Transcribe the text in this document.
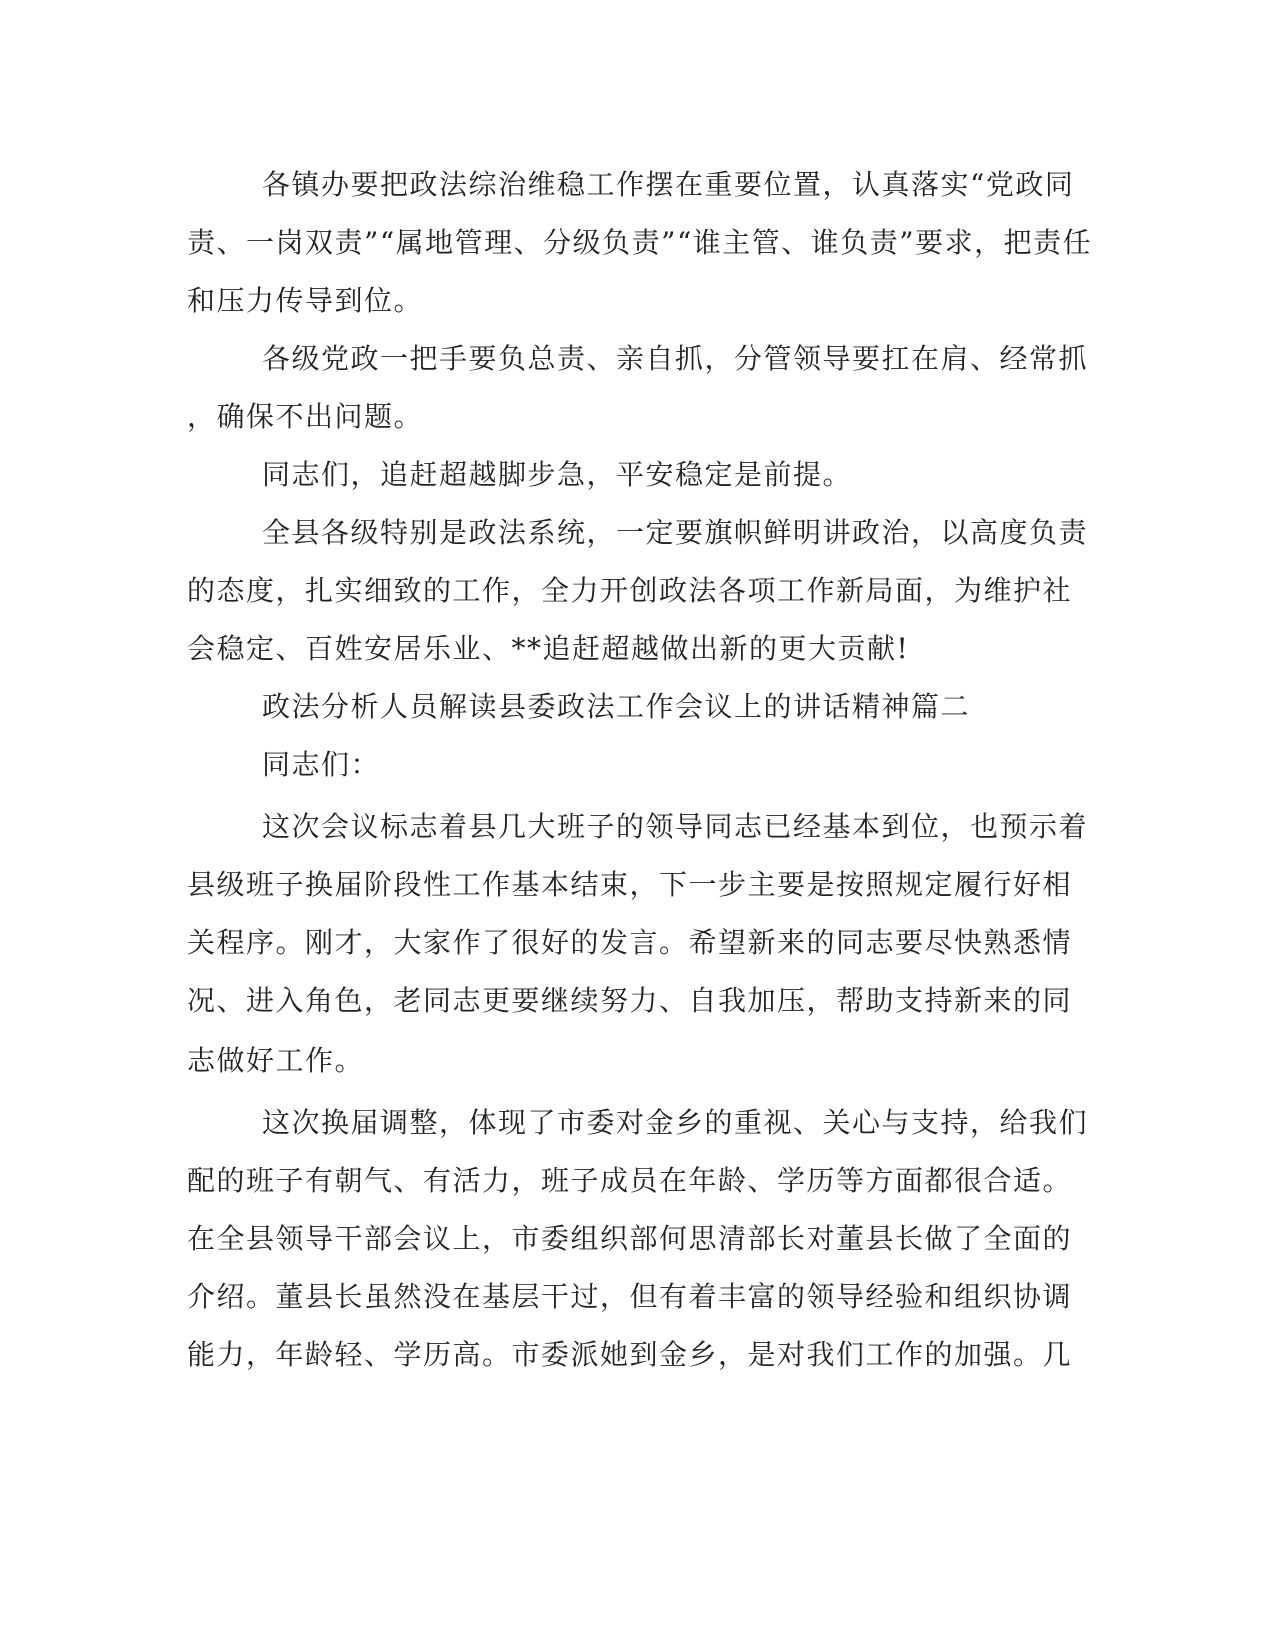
各镇办要把政法综治维稳工作摆在重要位置，认真落实“党政同

责、一岗双责”“属地管理、分级负责”“谁主管、谁负责”要求，把责任

和压力传导到位。

各级党政一把手要负总责、亲自抓，分管领导要扛在肩、经常抓

，确保不出问题。

同志们，追赶超越脚步急，平安稳定是前提。

全县各级特别是政法系统，一定要旗帜鲜明讲政治，以高度负责

的态度，扎实细致的工作，全力开创政法各项工作新局面，为维护社

会稳定、百姓安居乐业、**追赶超越做出新的更大贡献!

政法分析人员解读县委政法工作会议上的讲话精神篇二

同志们：

这次会议标志着县几大班子的领导同志已经基本到位，也预示着

县级班子换届阶段性工作基本结束，下一步主要是按照规定履行好相

关程序。刚才，大家作了很好的发言。希望新来的同志要尽快熟悉情

况、进入角色，老同志更要继续努力、自我加压，帮助支持新来的同

志做好工作。

这次换届调整，体现了市委对金乡的重视、关心与支持，给我们

配的班子有朝气、有活力，班子成员在年龄、学历等方面都很合适。

在全县领导干部会议上，市委组织部何思清部长对董县长做了全面的

介绍。董县长虽然没在基层干过，但有着丰富的领导经验和组织协调

能力，年龄轻、学历高。市委派她到金乡，是对我们工作的加强。几
